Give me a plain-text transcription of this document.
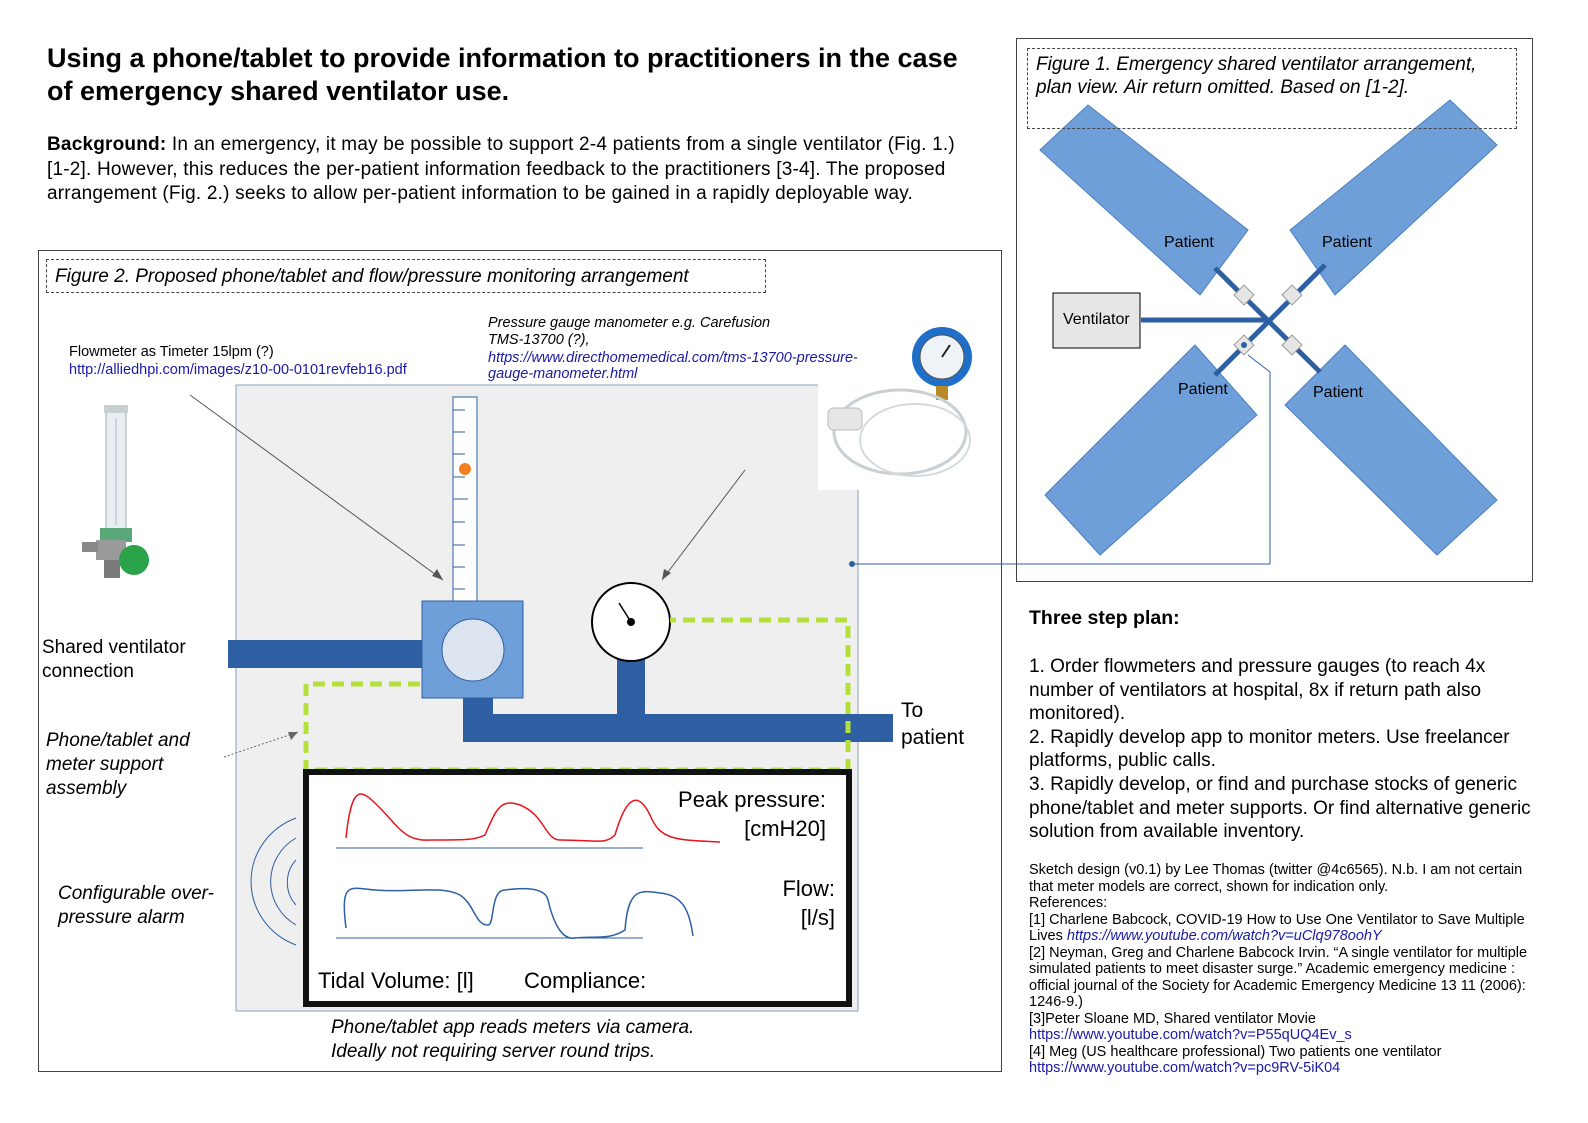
Using a phone/tablet to provide information to practitioners in the case of emergency shared ventilator use.
Background: In an emergency, it may be possible to support 2-4 patients from a single ventilator (Fig. 1.) [1-2]. However, this reduces the per-patient information feedback to the practitioners [3-4]. The proposed arrangement (Fig. 2.) seeks to allow per-patient information to be gained in a rapidly deployable way.
Figure 2. Proposed phone/tablet and flow/pressure monitoring arrangement
Flowmeter as Timeter 15lpm (?)
http://alliedhpi.com/images/z10-00-0101revfeb16.pdf
Pressure gauge manometer e.g. Carefusion
TMS-13700 (?),
https://www.directhomemedical.com/tms-13700-pressure-
gauge-manometer.html
Shared ventilator
connection
To
patient
Phone/tablet and
meter support
assembly
Configurable over-
pressure alarm
Peak pressure:
[cmH20]
Flow:
[l/s]
Tidal Volume: [l] Compliance:
Phone/tablet app reads meters via camera.
Ideally not requiring server round trips.
Figure 1. Emergency shared ventilator arrangement, plan view. Air return omitted. Based on [1-2].
Ventilator
Patient	Patient
Patient	Patient
Three step plan:
1. Order flowmeters and pressure gauges (to reach 4x number of ventilators at hospital, 8x if return path also monitored).
2. Rapidly develop app to monitor meters. Use freelancer platforms, public calls.
3. Rapidly develop, or find and purchase stocks of generic phone/tablet and meter supports. Or find alternative generic solution from available inventory.
Sketch design (v0.1) by Lee Thomas (twitter @4c6565). N.b. I am not certain that meter models are correct, shown for indication only.
References:
[1] Charlene Babcock, COVID-19 How to Use One Ventilator to Save Multiple Lives https://www.youtube.com/watch?v=uClq978oohY
[2] Neyman, Greg and Charlene Babcock Irvin. “A single ventilator for multiple simulated patients to meet disaster surge.” Academic emergency medicine : official journal of the Society for Academic Emergency Medicine 13 11 (2006): 1246-9.)
[3]Peter Sloane MD, Shared ventilator Movie
https://www.youtube.com/watch?v=P55qUQ4Ev_s
[4] Meg (US healthcare professional) Two patients one ventilator
https://www.youtube.com/watch?v=pc9RV-5iK04
